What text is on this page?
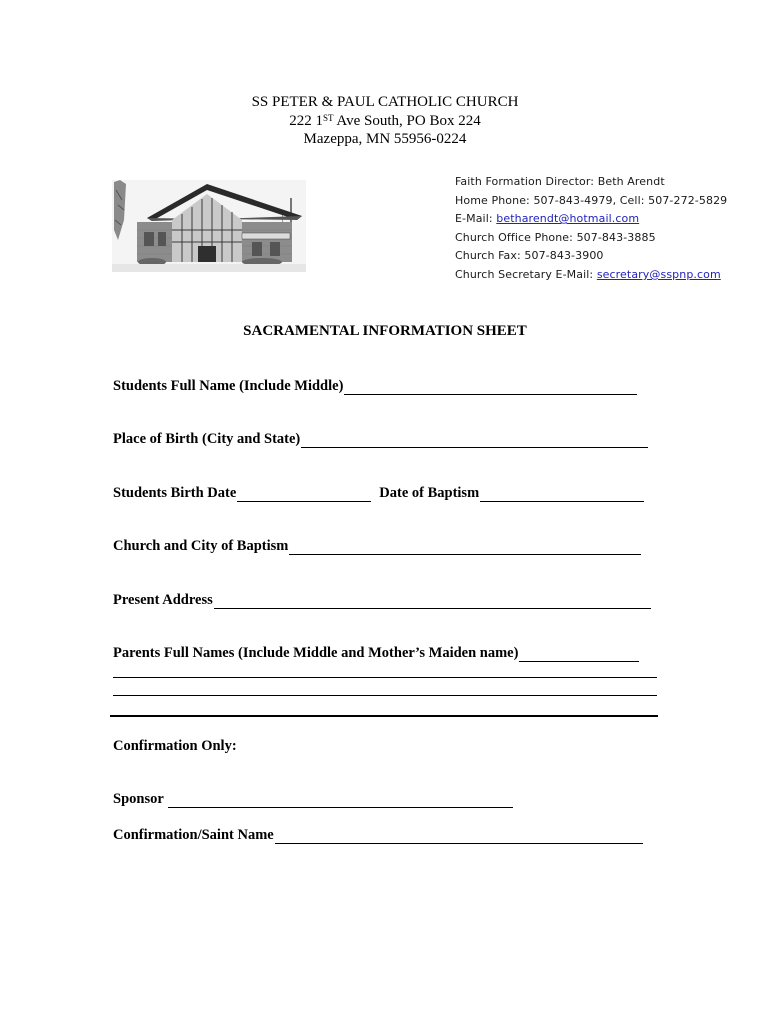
SS PETER & PAUL CATHOLIC CHURCH
222 1ST Ave South, PO Box 224
Mazeppa, MN 55956-0224
Faith Formation Director: Beth Arendt
Home Phone: 507-843-4979, Cell: 507-272-5829
E-Mail: betharendt@hotmail.com
Church Office Phone: 507-843-3885
Church Fax: 507-843-3900
Church Secretary E-Mail: secretary@sspnp.com
SACRAMENTAL INFORMATION SHEET
Students Full Name (Include Middle)
Place of Birth (City and State)
Students Birth Date	Date of Baptism
Church and City of Baptism
Present Address
Parents Full Names (Include Middle and Mother’s Maiden name)
Confirmation Only:
Sponsor
Confirmation/Saint Name
